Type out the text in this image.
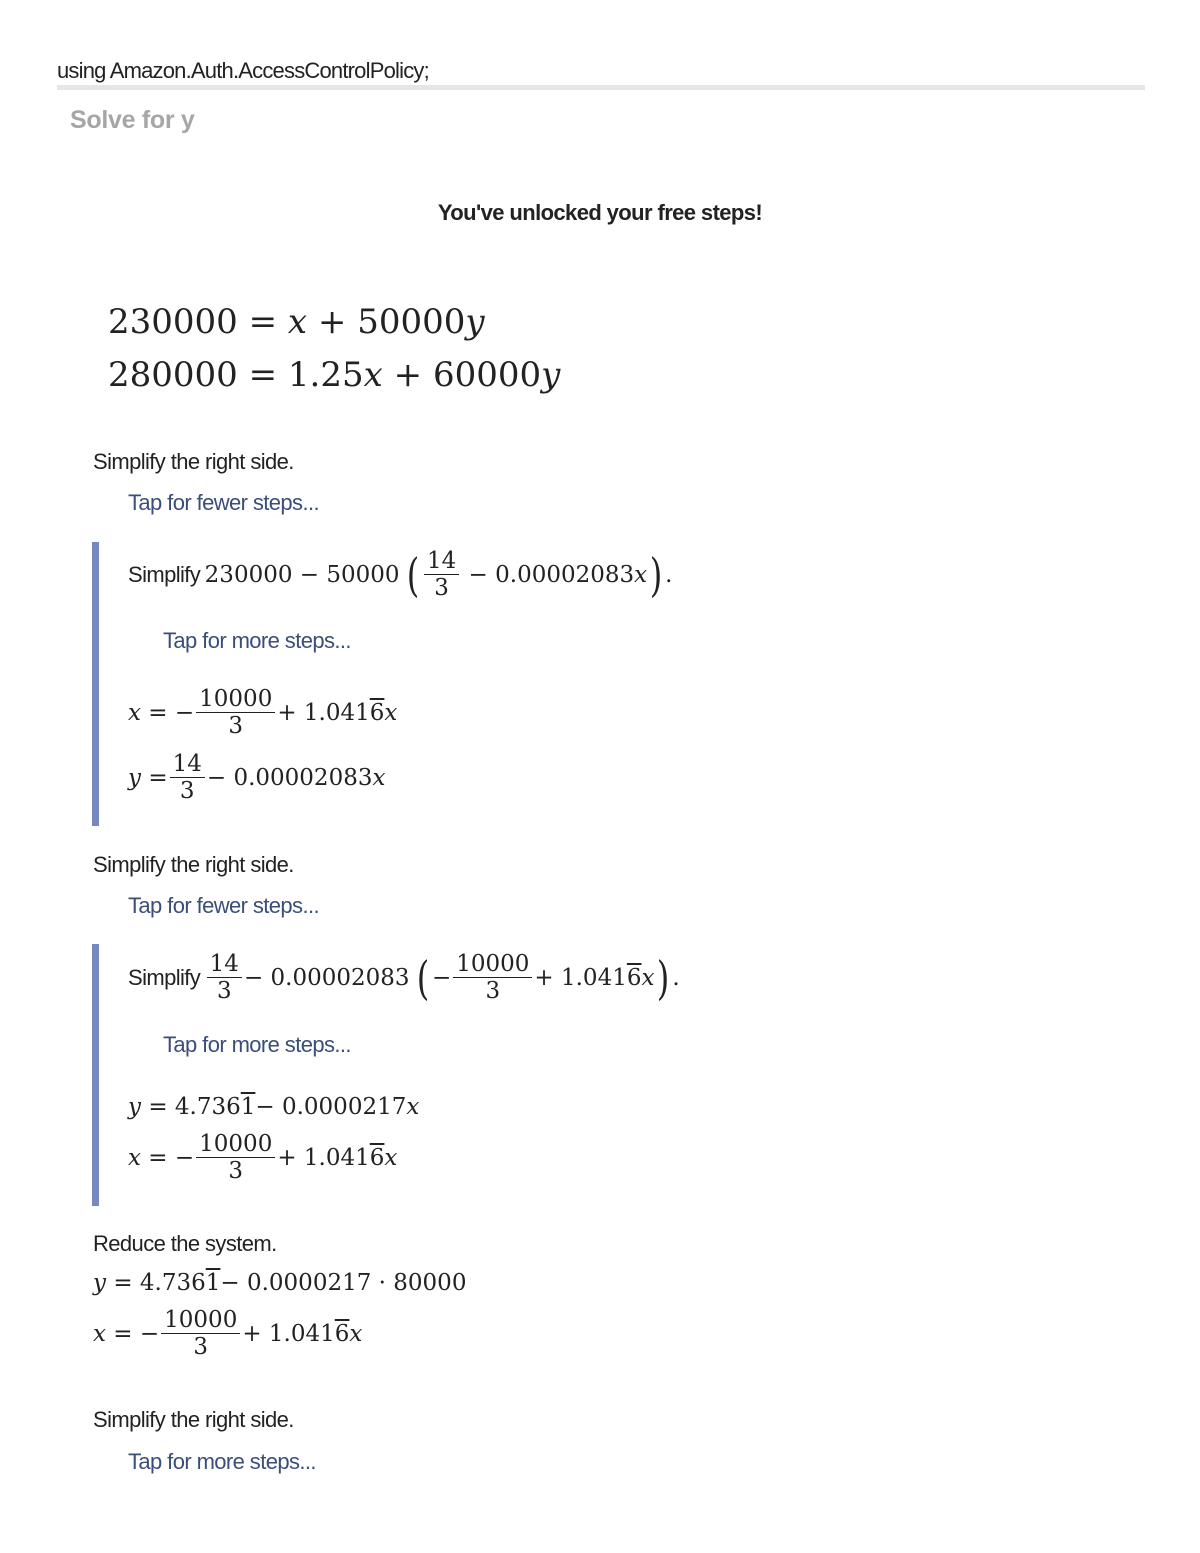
using Amazon.Auth.AccessControlPolicy;
Solve for y
You've unlocked your free steps!
230000 = x + 50000y
280000 = 1.25x + 60000y
Simplify the right side.
Tap for fewer steps...
Simplify
230000 − 50000
( $\frac{14}{3} - 0.00002083x$ ) .
Tap for more steps...
x
= − $\frac{10000}{3} + 1.041$ 6 x
y
= $\frac{14}{3} - 0.00002083$ x
Simplify the right side.
Tap for fewer steps...
Simplify
$\frac{14}{3} - 0.00002083$
( − $\frac{10000}{3} + 1.0416x$ ) .
Tap for more steps...
y
= 4.736 1 − 0.0000217 x
x
= − $\frac{10000}{3} + 1.041$ 6 x
Reduce the system.
y
= 4.736 1 − 0.0000217 · 80000
x
= − $\frac{10000}{3} + 1.041$ 6 x
Simplify the right side.
Tap for more steps...
